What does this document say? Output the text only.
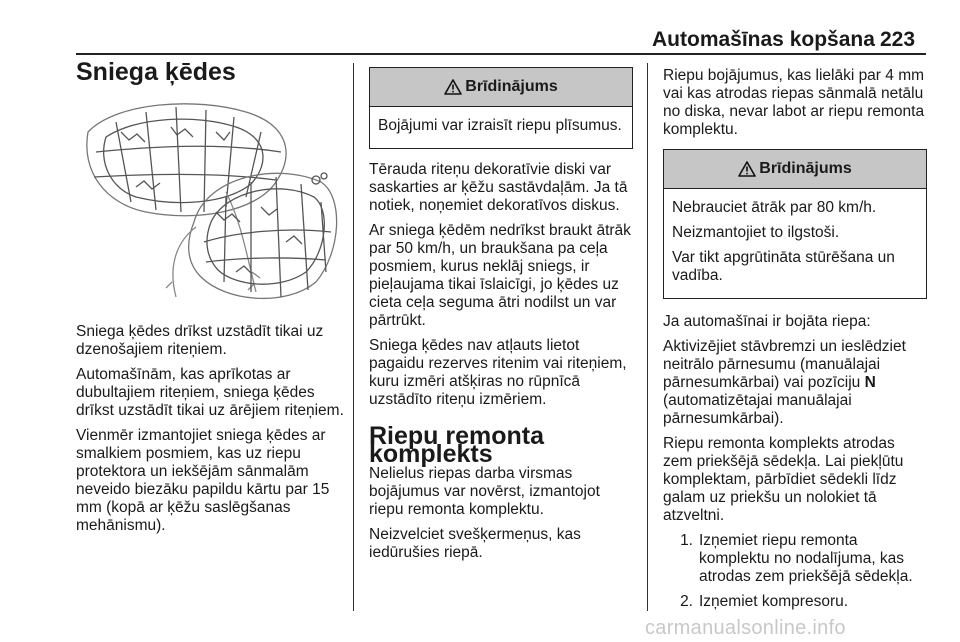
Automašīnas kopšana 223
Sniega ķēdes

Sniega ķēdes drīkst uzstādīt tikai uz dzenošajiem riteņiem.

Automašīnām, kas aprīkotas ar dubultajiem riteņiem, sniega ķēdes drīkst uzstādīt tikai uz ārējiem riteņiem.

Vienmēr izmantojiet sniega ķēdes ar smalkiem posmiem, kas uz riepu protektora un iekšējām sānmalām neveido biezāku papildu kārtu par 15 mm (kopā ar ķēžu saslēgšanas mehānismu).

Brīdinājums

Bojājumi var izraisīt riepu plīsumus.

Tērauda riteņu dekoratīvie diski var saskarties ar ķēžu sastāvdaļām. Ja tā notiek, noņemiet dekoratīvos diskus.

Ar sniega ķēdēm nedrīkst braukt ātrāk par 50 km/h, un braukšana pa ceļa posmiem, kurus neklāj sniegs, ir pieļaujama tikai īslaicīgi, jo ķēdes uz cieta ceļa seguma ātri nodilst un var pārtrūkt.

Sniega ķēdes nav atļauts lietot pagaidu rezerves ritenim vai riteņiem, kuru izmēri atšķiras no rūpnīcā uzstādīto riteņu izmēriem.

Riepu remonta komplekts

Nelielus riepas darba virsmas bojājumus var novērst, izmantojot riepu remonta komplektu.

Neizvelciet svešķermeņus, kas iedūrušies riepā.

Riepu bojājumus, kas lielāki par 4 mm vai kas atrodas riepas sānmalā netālu no diska, nevar labot ar riepu remonta komplektu.

Brīdinājums

Nebrauciet ātrāk par 80 km/h.

Neizmantojiet to ilgstoši.

Var tikt apgrūtināta stūrēšana un vadība.

Ja automašīnai ir bojāta riepa:

Aktivizējiet stāvbremzi un ieslēdziet neitrālo pārnesumu (manuālajai pārnesumkārbai) vai pozīciju N (automatizētajai manuālajai pārnesumkārbai).

Riepu remonta komplekts atrodas zem priekšējā sēdekļa. Lai piekļūtu komplektam, pārbīdiet sēdekli līdz galam uz priekšu un nolokiet tā atzveltni.

1. Izņemiet riepu remonta komplektu no nodalījuma, kas atrodas zem priekšējā sēdekļa.
2. Izņemiet kompresoru.
carmanualsonline.info
